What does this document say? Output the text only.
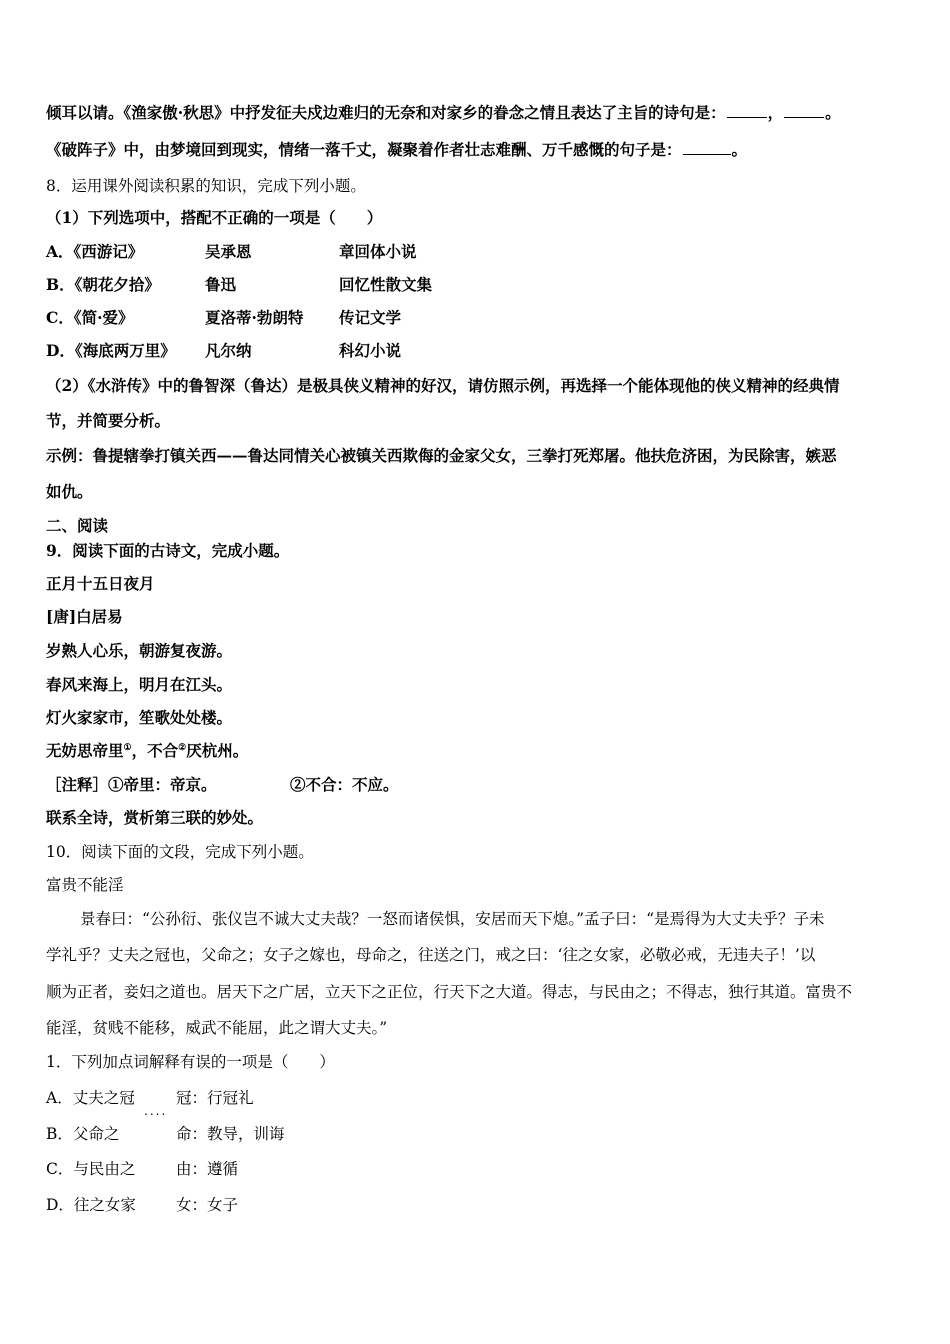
倾耳以请。《渔家傲·秋思》中抒发征夫戍边难归的无奈和对家乡的眷念之情且表达了主旨的诗句是：	，	。
《破阵子》中，由梦境回到现实，情绪一落千丈，凝聚着作者壮志难酬、万千感慨的句子是：	。
8．运用课外阅读积累的知识，完成下列小题。
（1）下列选项中，搭配不正确的一项是（　　）
A．《西游记》	吴承恩	章回体小说
B．《朝花夕拾》	鲁迅	回忆性散文集
C．《简·爱》	夏洛蒂·勃朗特 传记文学
D．《海底两万里》 凡尔纳	科幻小说
（2）《水浒传》中的鲁智深（鲁达）是极具侠义精神的好汉，请仿照示例，再选择一个能体现他的侠义精神的经典情
节，并简要分析。
示例：鲁提辖拳打镇关西——鲁达同情关心被镇关西欺侮的金家父女，三拳打死郑屠。他扶危济困，为民除害，嫉恶
如仇。
二、阅读
9．阅读下面的古诗文，完成小题。
正月十五日夜月
[唐]白居易
岁熟人心乐，朝游复夜游。
春风来海上，明月在江头。
灯火家家市，笙歌处处楼。
无妨思帝里①，不合②厌杭州。
［注释］①帝里：帝京。	②不合：不应。
联系全诗，赏析第三联的妙处。
10．阅读下面的文段，完成下列小题。
富贵不能淫
景春曰：“公孙衍、张仪岂不诚大丈夫哉？一怒而诸侯惧，安居而天下熄。”孟子曰：“是焉得为大丈夫乎？子未
学礼乎？丈夫之冠也，父命之；女子之嫁也，母命之，往送之门，戒之曰：‘往之女家，必敬必戒，无违夫子！’以
顺为正者，妾妇之道也。居天下之广居，立天下之正位，行天下之大道。得志，与民由之；不得志，独行其道。富贵不
能淫，贫贱不能移，威武不能屈，此之谓大丈夫。”
1．下列加点词解释有误的一项是（　　）
A．丈夫之冠	冠：行冠礼
....
B．父命之	命：教导，训诲
C．与民由之	由：遵循
D．往之女家	女：女子
